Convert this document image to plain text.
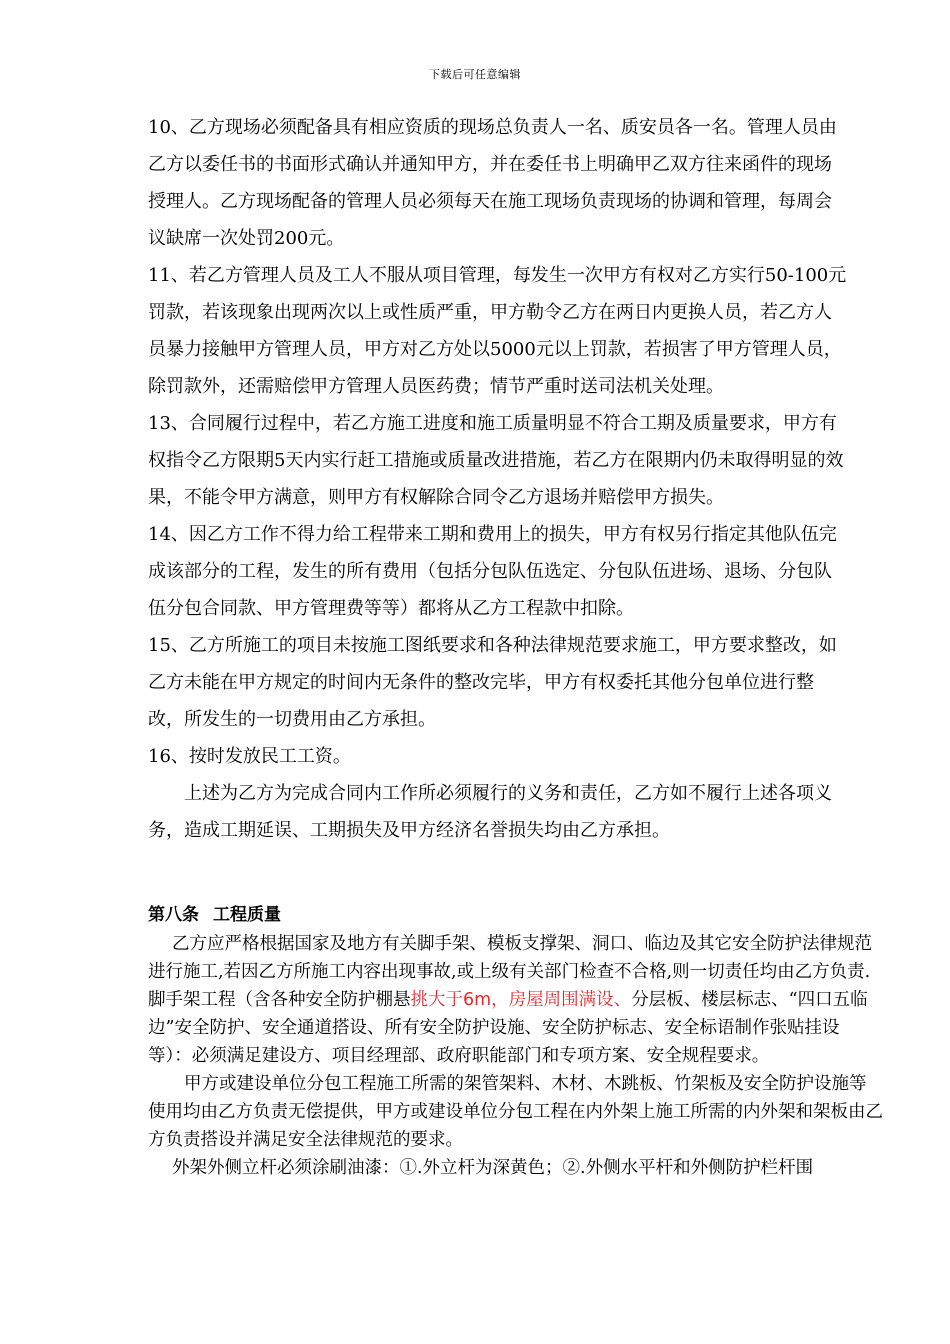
下载后可任意编辑

10、乙方现场必须配备具有相应资质的现场总负责人一名、质安员各一名。管理人员由乙方以委任书的书面形式确认并通知甲方，并在委任书上明确甲乙双方往来函件的现场授理人。乙方现场配备的管理人员必须每天在施工现场负责现场的协调和管理，每周会议缺席一次处罚200元。

11、若乙方管理人员及工人不服从项目管理，每发生一次甲方有权对乙方实行50-100元罚款，若该现象出现两次以上或性质严重，甲方勒令乙方在两日内更换人员，若乙方人员暴力接触甲方管理人员，甲方对乙方处以5000元以上罚款，若损害了甲方管理人员，除罚款外，还需赔偿甲方管理人员医药费；情节严重时送司法机关处理。

13、合同履行过程中，若乙方施工进度和施工质量明显不符合工期及质量要求，甲方有权指令乙方限期5天内实行赶工措施或质量改进措施，若乙方在限期内仍未取得明显的效果，不能令甲方满意，则甲方有权解除合同令乙方退场并赔偿甲方损失。

14、因乙方工作不得力给工程带来工期和费用上的损失，甲方有权另行指定其他队伍完成该部分的工程，发生的所有费用（包括分包队伍选定、分包队伍进场、退场、分包队伍分包合同款、甲方管理费等等）都将从乙方工程款中扣除。

15、乙方所施工的项目未按施工图纸要求和各种法律规范要求施工，甲方要求整改，如乙方未能在甲方规定的时间内无条件的整改完毕，甲方有权委托其他分包单位进行整改，所发生的一切费用由乙方承担。

16、按时发放民工工资。

上述为乙方为完成合同内工作所必须履行的义务和责任，乙方如不履行上述各项义务，造成工期延误、工期损失及甲方经济名誉损失均由乙方承担。

第八条 工程质量

乙方应严格根据国家及地方有关脚手架、模板支撑架、洞口、临边及其它安全防护法律规范进行施工,若因乙方所施工内容出现事故,或上级有关部门检查不合格,则一切责任均由乙方负责.

脚手架工程（含各种安全防护棚悬挑大于6m，房屋周围满设、分层板、楼层标志、“四口五临边”安全防护、安全通道搭设、所有安全防护设施、安全防护标志、安全标语制作张贴挂设等）：必须满足建设方、项目经理部、政府职能部门和专项方案、安全规程要求。

甲方或建设单位分包工程施工所需的架管架料、木材、木跳板、竹架板及安全防护设施等使用均由乙方负责无偿提供，甲方或建设单位分包工程在内外架上施工所需的内外架和架板由乙方负责搭设并满足安全法律规范的要求。

外架外侧立杆必须涂刷油漆：①.外立杆为深黄色；②.外侧水平杆和外侧防护栏杆围
